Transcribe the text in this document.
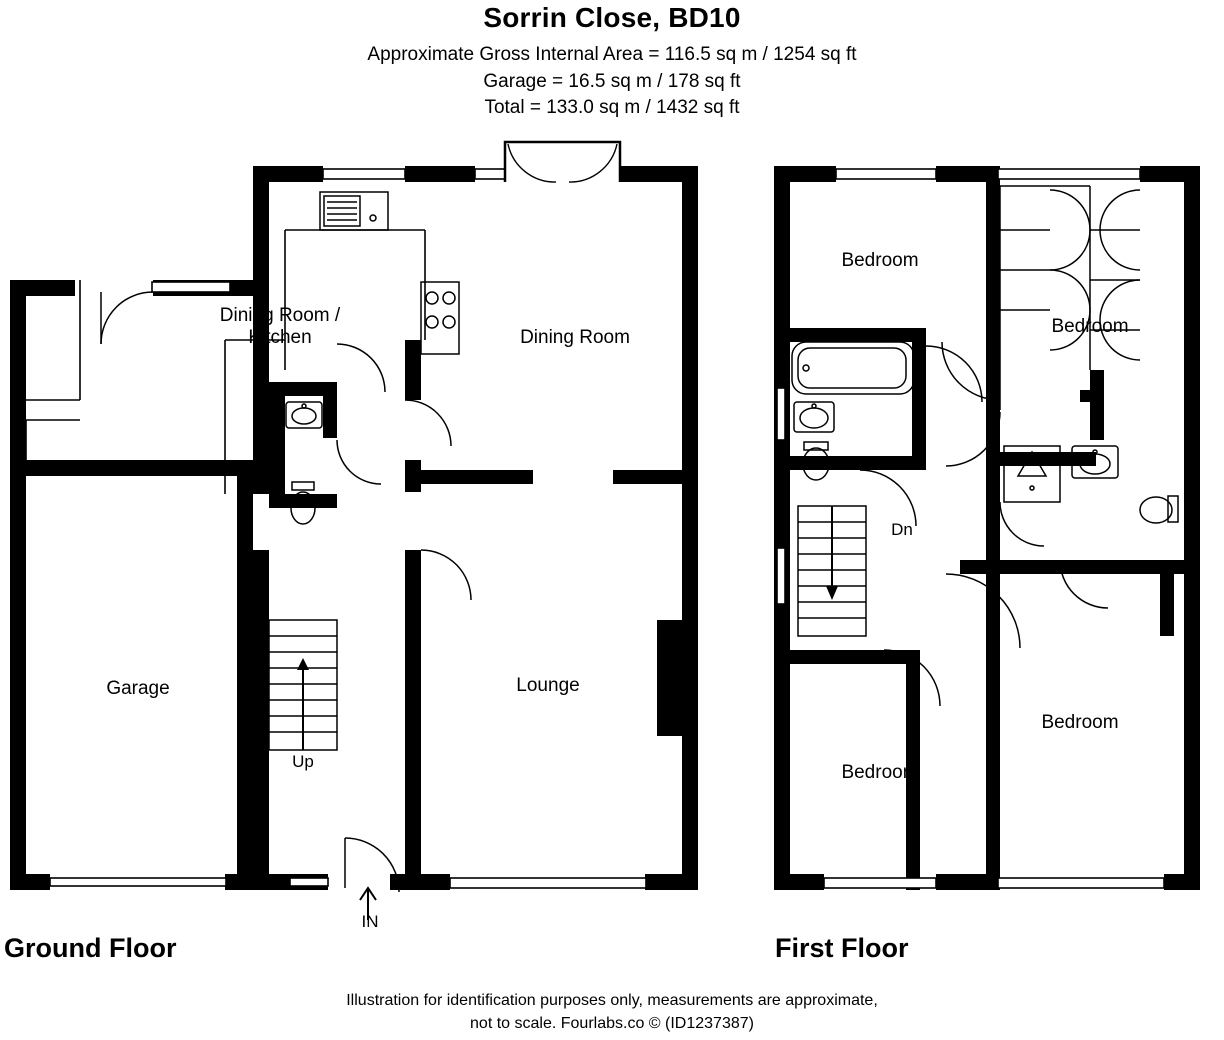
Sorrin Close, BD10
Approximate Gross Internal Area = 116.5 sq m / 1254 sq ft
Garage = 16.5 sq m / 178 sq ft
Total = 133.0 sq m / 1432 sq ft
Dining Room /
Kitchen	Dining Room
Lounge
Garage
Up
IN
Bedroom
Bedroom
Bedroom
Bedroom
Dn
Ground Floor	First Floor
Illustration for identification purposes only, measurements are approximate,
not to scale. Fourlabs.co © (ID1237387)
